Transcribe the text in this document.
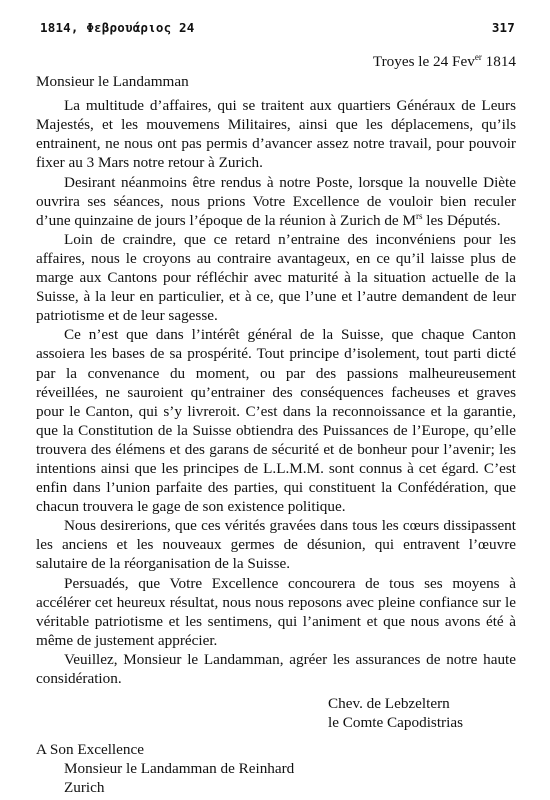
1814, Φεβρουάριος 24	317

Troyes le 24 Fev$^{er}$ 1814

Monsieur le Landamman

La multitude d’affaires, qui se traitent aux quartiers Généraux de Leurs Majestés, et les mouvemens Militaires, ainsi que les déplacemens, qu’ils entrainent, ne nous ont pas permis d’avancer assez notre travail, pour pouvoir fixer au 3 Mars notre retour à Zurich.

Desirant néanmoins être rendus à notre Poste, lorsque la nouvelle Diète ouvrira ses séances, nous prions Votre Excellence de vouloir bien reculer d’une quinzaine de jours l’époque de la réunion à Zurich de $M^{rs}$ les Députés.

Loin de craindre, que ce retard n’entraine des inconvéniens pour les affaires, nous le croyons au contraire avantageux, en ce qu’il laisse plus de marge aux Cantons pour réfléchir avec maturité à la situation actuelle de la Suisse, à la leur en particulier, et à ce, que l’une et l’autre demandent de leur patriotisme et de leur sagesse.

Ce n’est que dans l’intérêt général de la Suisse, que chaque Canton assoiera les bases de sa prospérité. Tout principe d’isolement, tout parti dicté par la convenance du moment, ou par des passions malheureusement réveillées, ne sauroient qu’entrainer des conséquences facheuses et graves pour le Canton, qui s’y livreroit. C’est dans la reconnoissance et la garantie, que la Constitution de la Suisse obtiendra des Puissances de l’Europe, qu’elle trouvera des élémens et des garans de sécurité et de bonheur pour l’avenir; les intentions ainsi que les principes de L.L.M.M. sont connus à cet égard. C’est enfin dans l’union parfaite des parties, qui constituent la Confédération, que chacun trouvera le gage de son existence politique.

Nous desirerions, que ces vérités gravées dans tous les cœurs dissipassent les anciens et les nouveaux germes de désunion, qui entravent l’œuvre salutaire de la réorganisation de la Suisse.

Persuadés, que Votre Excellence concourera de tous ses moyens à accélérer cet heureux résultat, nous nous reposons avec pleine confiance sur le véritable patriotisme et les sentimens, qui l’animent et que nous avons été à même de justement apprécier.

Veuillez, Monsieur le Landamman, agréer les assurances de notre haute considération.

Chev. de Lebzeltern
le Comte Capodistrias
A Son Excellence
Monsieur le Landamman de Reinhard
Zurich
